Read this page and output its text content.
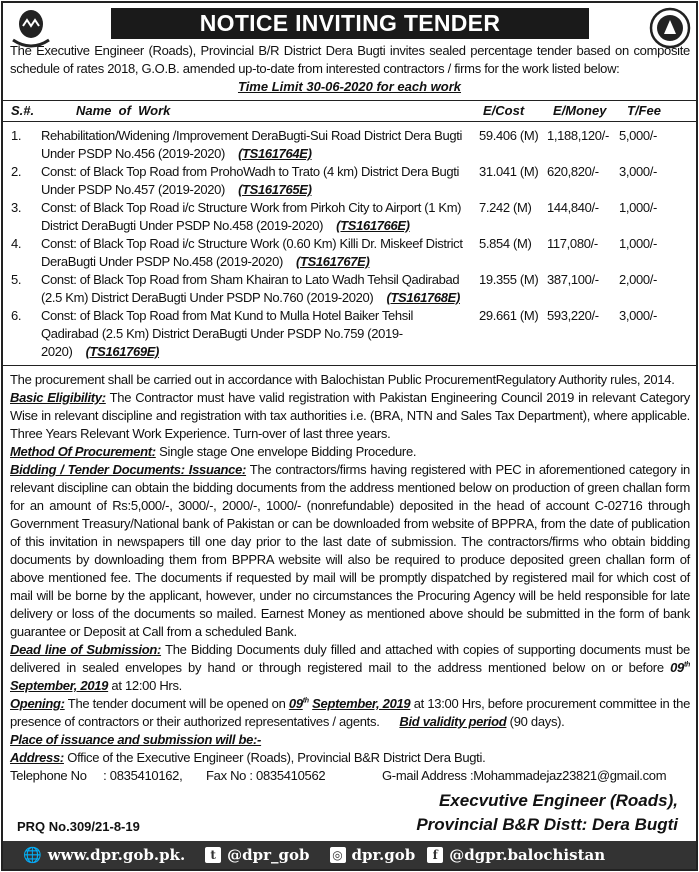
NOTICE INVITING TENDER
The Executive Engineer (Roads), Provincial B/R District Dera Bugti invites sealed percentage tender based on composite schedule of rates 2018, G.O.B. amended up-to-date from interested contractors / firms for the work listed below:
Time Limit 30-06-2020 for each work
S.#.	Name  of  Work	E/Cost E/Money T/Fee
1.	Rehabilitation/Widening /Improvement DeraBugti-Sui Road District Dera Bugti Under PSDP No.456 (2019-2020) (TS161764E)
59.406 (M) 1,188,120/- 5,000/-
2.	Const: of Black Top Road from ProhoWadh to Trato (4 km) District Dera Bugti Under PSDP No.457 (2019-2020) (TS161765E)
31.041 (M) 620,820/-	3,000/-
3.	Const: of Black Top Road i/c Structure Work from Pirkoh City to Airport (1 Km) District DeraBugti Under PSDP No.458 (2019-2020) (TS161766E)
7.242 (M)	144,840/-	1,000/-
4.	Const: of Black Top Road i/c Structure Work (0.60 Km) Killi Dr. Miskeef District DeraBugti Under PSDP No.458 (2019-2020) (TS161767E)
5.854 (M)	117,080/-	1,000/-
5.	Const: of Black Top Road from Sham Khairan to Lato Wadh Tehsil Qadirabad (2.5 Km) District DeraBugti Under PSDP No.760 (2019-2020) (TS161768E)
19.355 (M) 387,100/-	2,000/-
6.	Const: of Black Top Road from Mat Kund to Mulla Hotel Baiker Tehsil Qadirabad (2.5 Km) District DeraBugti Under PSDP No.759 (2019-2020) (TS161769E)
29.661 (M) 593,220/-	3,000/-

The procurement shall be carried out in accordance with Balochistan Public ProcurementRegulatory Authority rules, 2014.

Basic Eligibility: The Contractor must have valid registration with Pakistan Engineering Council 2019 in relevant Category Wise in relevant discipline and registration with tax authorities i.e. (BRA, NTN and Sales Tax Department), where applicable. Three Years Relevant Work Experience. Turn-over of last three years.

Method Of Procurement: Single stage One envelope Bidding Procedure.

Bidding / Tender Documents: Issuance: The contractors/firms having registered with PEC in aforementioned category in relevant discipline can obtain the bidding documents from the address mentioned below on production of green challan form for an amount of Rs:5,000/-, 3000/-, 2000/-, 1000/- (nonrefundable) deposited in the head of account C-02716 through Government Treasury/National bank of Pakistan or can be downloaded from website of BPPRA, from the date of publication of this invitation in newspapers till one day prior to the last date of submission. The contractors/firms who obtain bidding documents by downloading them from BPPRA website will also be required to produce deposited green challan form of above mentioned fee. The documents if requested by mail will be promptly dispatched by registered mail for which cost of mail will be borne by the applicant, however, under no circumstances the Procuring Agency will be held responsible for late delivery or loss of the documents so mailed. Earnest Money as mentioned above should be submitted in the form of bank guarantee or Deposit at Call from a scheduled Bank.

Dead line of Submission: The Bidding Documents duly filled and attached with copies of supporting documents must be delivered in sealed envelopes by hand or through registered mail to the address mentioned below on or before 09th September, 2019 at 12:00 Hrs.

Opening: The tender document will be opened on 09th September, 2019 at 13:00 Hrs, before procurement committee in the presence of contractors or their authorized representatives / agents. Bid validity period (90 days).

Place of issuance and submission will be:-

Address: Office of the Executive Engineer (Roads), Provincial B&R District Dera Bugti.

Telephone No     : 0835410162,	Fax No : 0835410562	G-mail Address :Mohammadejaz23821@gmail.com
PRQ No.309/21-8-19
Execvutive Engineer (Roads),
Provincial B&R Distt: Dera Bugti
🌐 www.dpr.gob.pk.	t @dpr_gob ◎ dpr.gob	f @dgpr.balochistan
